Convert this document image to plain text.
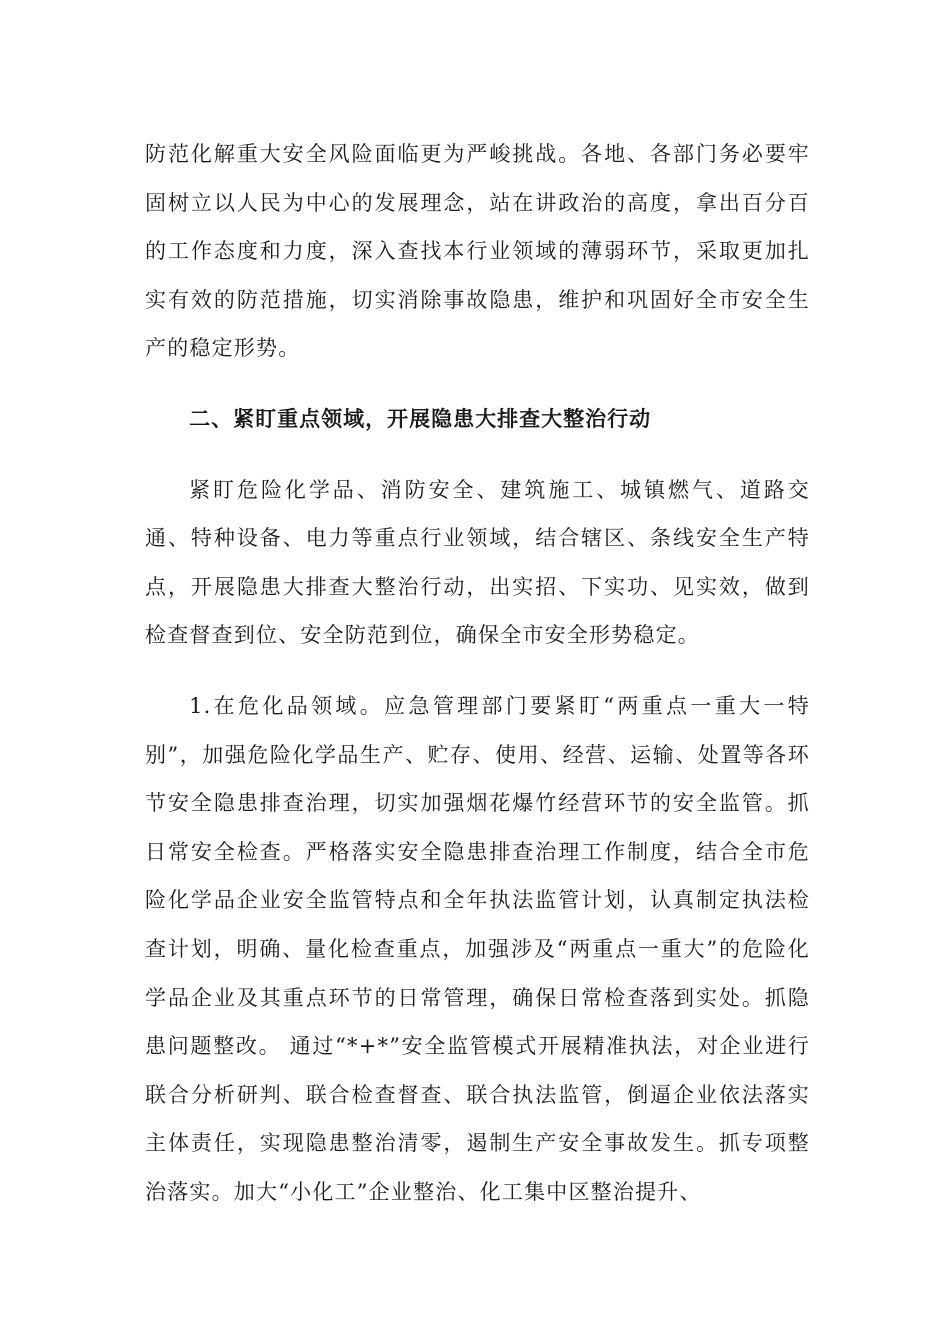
防范化解重大安全风险面临更为严峻挑战。各地、各部门务必要牢固树立以人民为中心的发展理念，站在讲政治的高度，拿出百分百的工作态度和力度，深入查找本行业领域的薄弱环节，采取更加扎实有效的防范措施，切实消除事故隐患，维护和巩固好全市安全生产的稳定形势。

二、紧盯重点领域，开展隐患大排查大整治行动

紧盯危险化学品、消防安全、建筑施工、城镇燃气、道路交通、特种设备、电力等重点行业领域，结合辖区、条线安全生产特点，开展隐患大排查大整治行动，出实招、下实功、见实效，做到检查督查到位、安全防范到位，确保全市安全形势稳定。

1.在危化品领域。应急管理部门要紧盯“两重点一重大一特别”，加强危险化学品生产、贮存、使用、经营、运输、处置等各环节安全隐患排查治理，切实加强烟花爆竹经营环节的安全监管。抓日常安全检查。严格落实安全隐患排查治理工作制度，结合全市危险化学品企业安全监管特点和全年执法监管计划，认真制定执法检查计划，明确、量化检查重点，加强涉及“两重点一重大”的危险化学品企业及其重点环节的日常管理，确保日常检查落到实处。抓隐患问题整改。 通过“*+*”安全监管模式开展精准执法，对企业进行联合分析研判、联合检查督查、联合执法监管，倒逼企业依法落实主体责任，实现隐患整治清零，遏制生产安全事故发生。抓专项整治落实。加大“小化工”企业整治、化工集中区整治提升、
